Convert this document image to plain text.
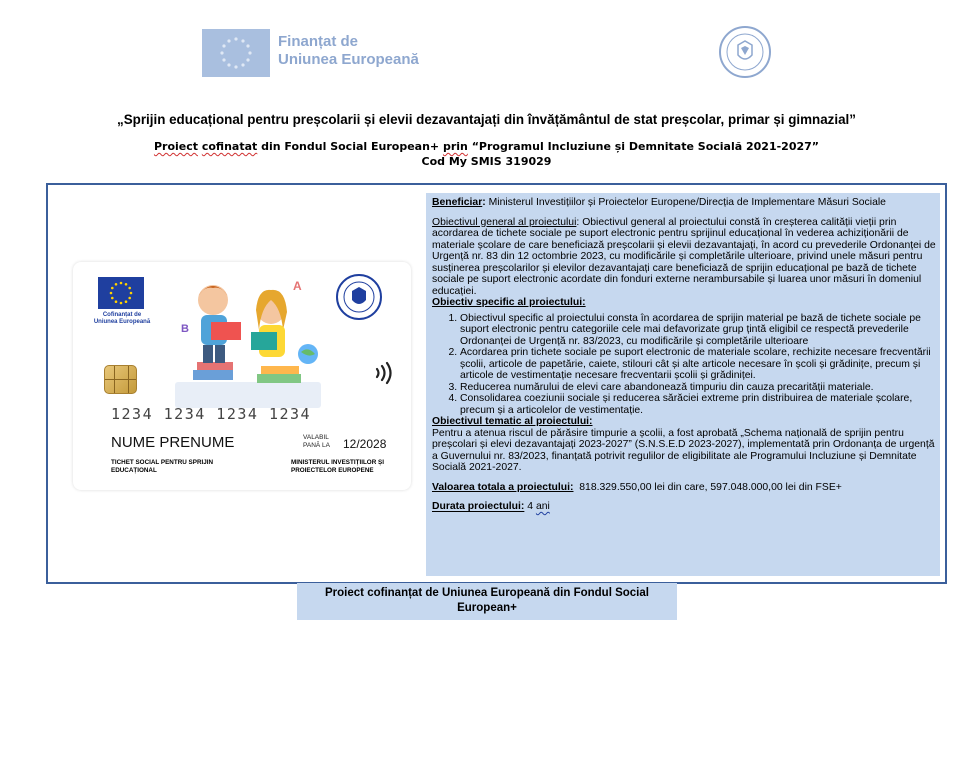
Finanțat de
Uniunea Europeană
„Sprijin educațional pentru preșcolarii și elevii dezavantajați din învățământul de stat preșcolar, primar și gimnazial”
Proiect cofinatat din Fondul Social European+ prin “Programul Incluziune și Demnitate Socială 2021-2027”
Cod My SMIS 319029
Cofinanțat de Uniunea Europeană
A
B
1234 1234 1234 1234
NUME PRENUME	VALABIL PANĂ LA	12/2028
TICHET SOCIAL PENTRU SPRIJIN EDUCAȚIONAL
MINISTERUL INVESTIȚIILOR ȘI PROIECTELOR EUROPENE

Beneficiar: Ministerul Investițiilor și Proiectelor Europene/Direcția de Implementare Măsuri Sociale

Obiectivul general al proiectului: Obiectivul general al proiectului constă în creșterea calității vieții prin acordarea de tichete sociale pe suport electronic pentru sprijinul educațional în vederea achiziționării de materiale școlare de care beneficiază preșcolarii și elevii dezavantajați, în acord cu prevederile Ordonanței de Urgență nr. 83 din 12 octombrie 2023, cu modificările și completările ulterioare, privind unele măsuri pentru susținerea preșcolarilor și elevilor dezavantajați care beneficiază de sprijin educațional pe bază de tichete sociale pe suport electronic acordate din fonduri externe nerambursabile și luarea unor măsuri în domeniul educației.

Obiectiv specific al proiectului:

1. Obiectivul specific al proiectului consta în acordarea de sprijin material pe bază de tichete sociale pe suport electronic pentru categoriile cele mai defavorizate grup țintă eligibil ce respectă prevederile Ordonanței de Urgență nr. 83/2023, cu modificările și completările ulterioare
2. Acordarea prin tichete sociale pe suport electronic de materiale scolare, rechizite necesare frecventării școlii, articole de papetărie, caiete, stilouri cât și alte articole necesare în școli și grădinițe, precum și articole de vestimentație necesare frecventarii școlii și grădiniței.
3. Reducerea numărului de elevi care abandonează timpuriu din cauza precarității materiale.
4. Consolidarea coeziunii sociale și reducerea sărăciei extreme prin distribuirea de materiale școlare, precum și a articolelor de vestimentație.

Obiectivul tematic al proiectului:

Pentru a atenua riscul de părăsire timpurie a școlii, a fost aprobată „Schema națională de sprijin pentru preșcolari și elevi dezavantajați 2023-2027” (S.N.S.E.D 2023-2027), implementată prin Ordonanța de urgență a Guvernului nr. 83/2023, finanțată potrivit regulilor de eligibilitate ale Programului Incluziune și Demnitate Socială 2021-2027.

Valoarea totala a proiectului: 818.329.550,00 lei din care, 597.048.000,00 lei din FSE+

Durata proiectului: 4 ani

Proiect cofinanțat de Uniunea Europeană din Fondul Social European+
